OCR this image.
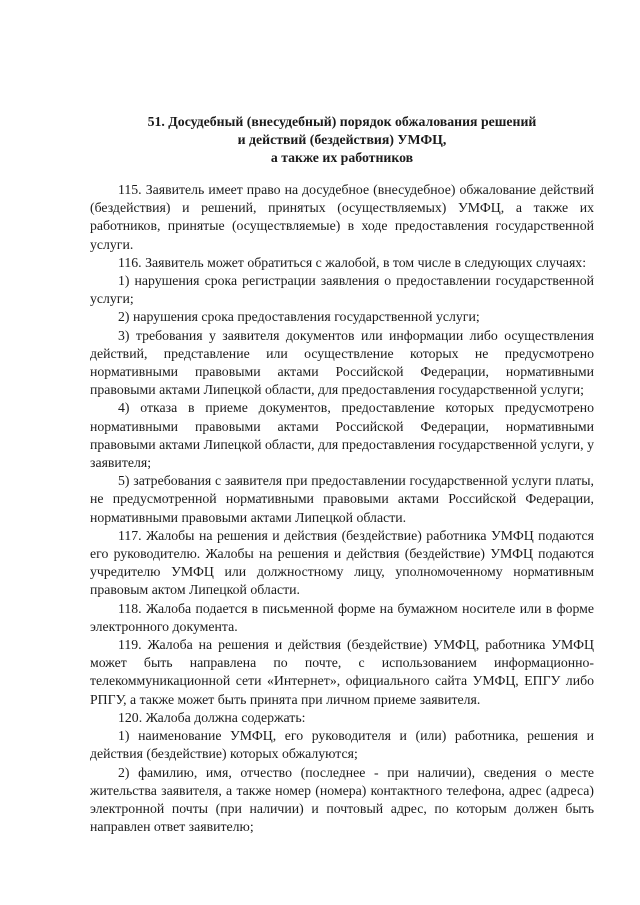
51. Досудебный (внесудебный) порядок обжалования решений
и действий (бездействия) УМФЦ,
а также их работников

115. Заявитель имеет право на досудебное (внесудебное) обжалование действий (бездействия) и решений, принятых (осуществляемых) УМФЦ, а также их работников, принятые (осуществляемые) в ходе предоставления государственной услуги.

116. Заявитель может обратиться с жалобой, в том числе в следующих случаях:

1) нарушения срока регистрации заявления о предоставлении государственной услуги;

2) нарушения срока предоставления государственной услуги;

3) требования у заявителя документов или информации либо осуществления действий, представление или осуществление которых не предусмотрено нормативными правовыми актами Российской Федерации, нормативными правовыми актами Липецкой области, для предоставления государственной услуги;

4) отказа в приеме документов, предоставление которых предусмотрено нормативными правовыми актами Российской Федерации, нормативными правовыми актами Липецкой области, для предоставления государственной услуги, у заявителя;

5) затребования с заявителя при предоставлении государственной услуги платы, не предусмотренной нормативными правовыми актами Российской Федерации, нормативными правовыми актами Липецкой области.

117. Жалобы на решения и действия (бездействие) работника УМФЦ подаются его руководителю. Жалобы на решения и действия (бездействие) УМФЦ подаются учредителю УМФЦ или должностному лицу, уполномоченному нормативным правовым актом Липецкой области.

118. Жалоба подается в письменной форме на бумажном носителе или в форме электронного документа.

119. Жалоба на решения и действия (бездействие) УМФЦ, работника УМФЦ может быть направлена по почте, с использованием информационно-телекоммуникационной сети «Интернет», официального сайта УМФЦ, ЕПГУ либо РПГУ, а также может быть принята при личном приеме заявителя.

120. Жалоба должна содержать:

1) наименование УМФЦ, его руководителя и (или) работника, решения и действия (бездействие) которых обжалуются;

2) фамилию, имя, отчество (последнее - при наличии), сведения о месте жительства заявителя, а также номер (номера) контактного телефона, адрес (адреса) электронной почты (при наличии) и почтовый адрес, по которым должен быть направлен ответ заявителю;
